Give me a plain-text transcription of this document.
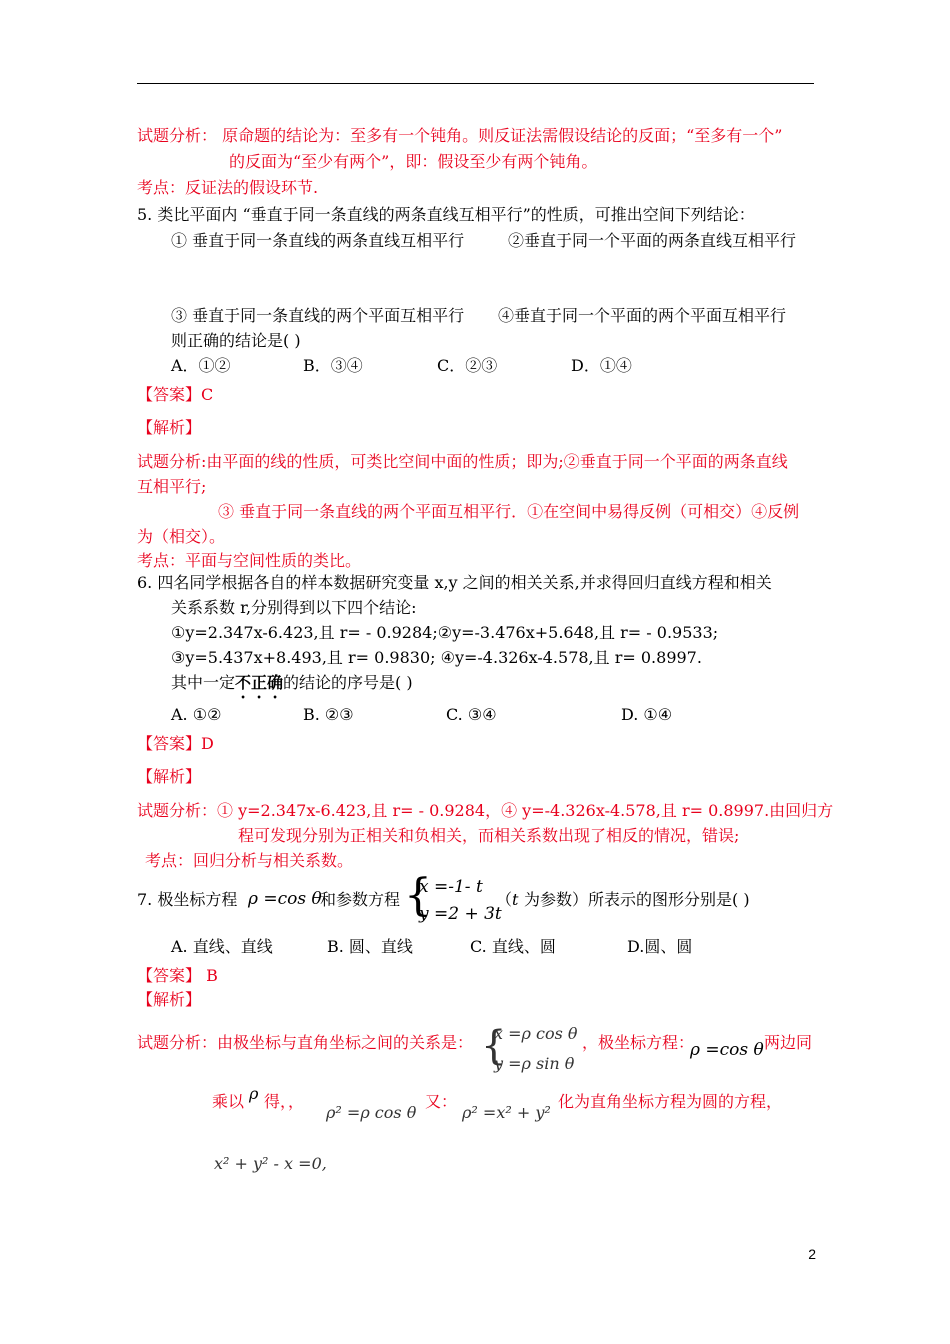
试题分析： 原命题的结论为：至多有一个钝角。则反证法需假设结论的反面；“至多有一个”
的反面为“至少有两个”，即：假设至少有两个钝角。
考点：反证法的假设环节.
5. 类比平面内 “垂直于同一条直线的两条直线互相平行”的性质，可推出空间下列结论：
① 垂直于同一条直线的两条直线互相平行	②垂直于同一个平面的两条直线互相平行
③ 垂直于同一条直线的两个平面互相平行 ④垂直于同一个平面的两个平面互相平行
则正确的结论是( )
A．①②	B．③④	C．②③	D．①④
【答案】C
【解析】
试题分析:由平面的线的性质，可类比空间中面的性质；即为;②垂直于同一个平面的两条直线
互相平行;
③ 垂直于同一条直线的两个平面互相平行．①在空间中易得反例（可相交）④反例
为（相交）。
考点：平面与空间性质的类比。
6. 四名同学根据各自的样本数据研究变量 x,y 之间的相关关系,并求得回归直线方程和相关
关系系数 r,分别得到以下四个结论:
①y=2.347x-6.423,且 r= - 0.9284;②y=-3.476x+5.648,且 r= - 0.9533;
③y=5.437x+8.493,且 r= 0.9830; ④y=-4.326x-4.578,且 r= 0.8997.
其中一定不正确的结论的序号是( )
A. ①②	B. ②③	C. ③④	D. ①④
【答案】D
【解析】
试题分析：① y=2.347x-6.423,且 r= - 0.9284，④ y=-4.326x-4.578,且 r= 0.8997.由回归方
程可发现分别为正相关和负相关，而相关系数出现了相反的情况，错误;
考点：回归分析与相关系数。
7. 极坐标方程 ρ =cos θ
和参数方程 {
x =-1- t
y =2 + 3t
（ t 为参数）所表示的图形分别是( )
A. 直线、直线	B. 圆、直线	C. 直线、圆	D.圆、圆
【答案】 B
【解析】
试题分析：由极坐标与直角坐标之间的关系是： {
x =ρ cos θ
y =ρ sin θ
，极坐标方程：
ρ =cos θ 两边同
乘以 ρ 得，，
ρ² =ρ cos θ
又：
ρ² =x² + y²
化为直角坐标方程为圆的方程，
x² + y² - x =0,
2
